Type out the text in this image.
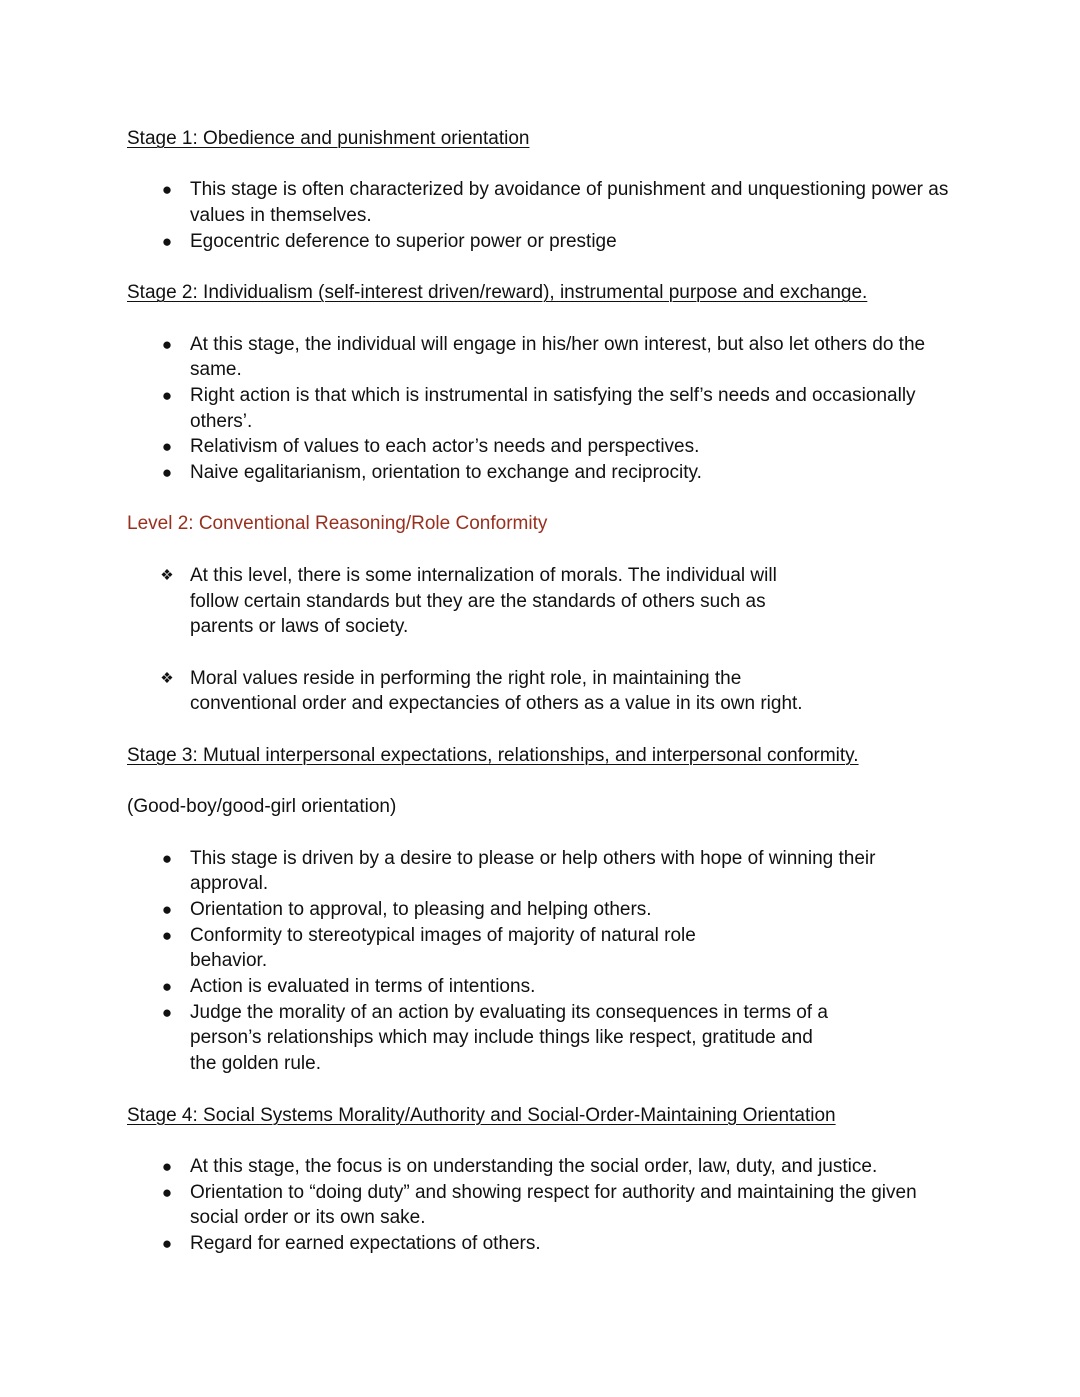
Stage 1: Obedience and punishment orientation

● This stage is often characterized by avoidance of punishment and unquestioning power as values in themselves.
● Egocentric deference to superior power or prestige

Stage 2: Individualism (self-interest driven/reward), instrumental purpose and exchange.

● At this stage, the individual will engage in his/her own interest, but also let others do the same.
● Right action is that which is instrumental in satisfying the self’s needs and occasionally others’.
● Relativism of values to each actor’s needs and perspectives.
● Naive egalitarianism, orientation to exchange and reciprocity.

Level 2: Conventional Reasoning/Role Conformity

❖ At this level, there is some internalization of morals. The individual will follow certain standards but they are the standards of others such as parents or laws of society.
❖ Moral values reside in performing the right role, in maintaining the conventional order and expectancies of others as a value in its own right.

Stage 3: Mutual interpersonal expectations, relationships, and interpersonal conformity.

(Good-boy/good-girl orientation)

● This stage is driven by a desire to please or help others with hope of winning their approval.
● Orientation to approval, to pleasing and helping others.
● Conformity to stereotypical images of majority of natural role behavior.
● Action is evaluated in terms of intentions.
● Judge the morality of an action by evaluating its consequences in terms of a person’s relationships which may include things like respect, gratitude and the golden rule.

Stage 4: Social Systems Morality/Authority and Social-Order-Maintaining Orientation

● At this stage, the focus is on understanding the social order, law, duty, and justice.
● Orientation to “doing duty” and showing respect for authority and maintaining the given social order or its own sake.
● Regard for earned expectations of others.
